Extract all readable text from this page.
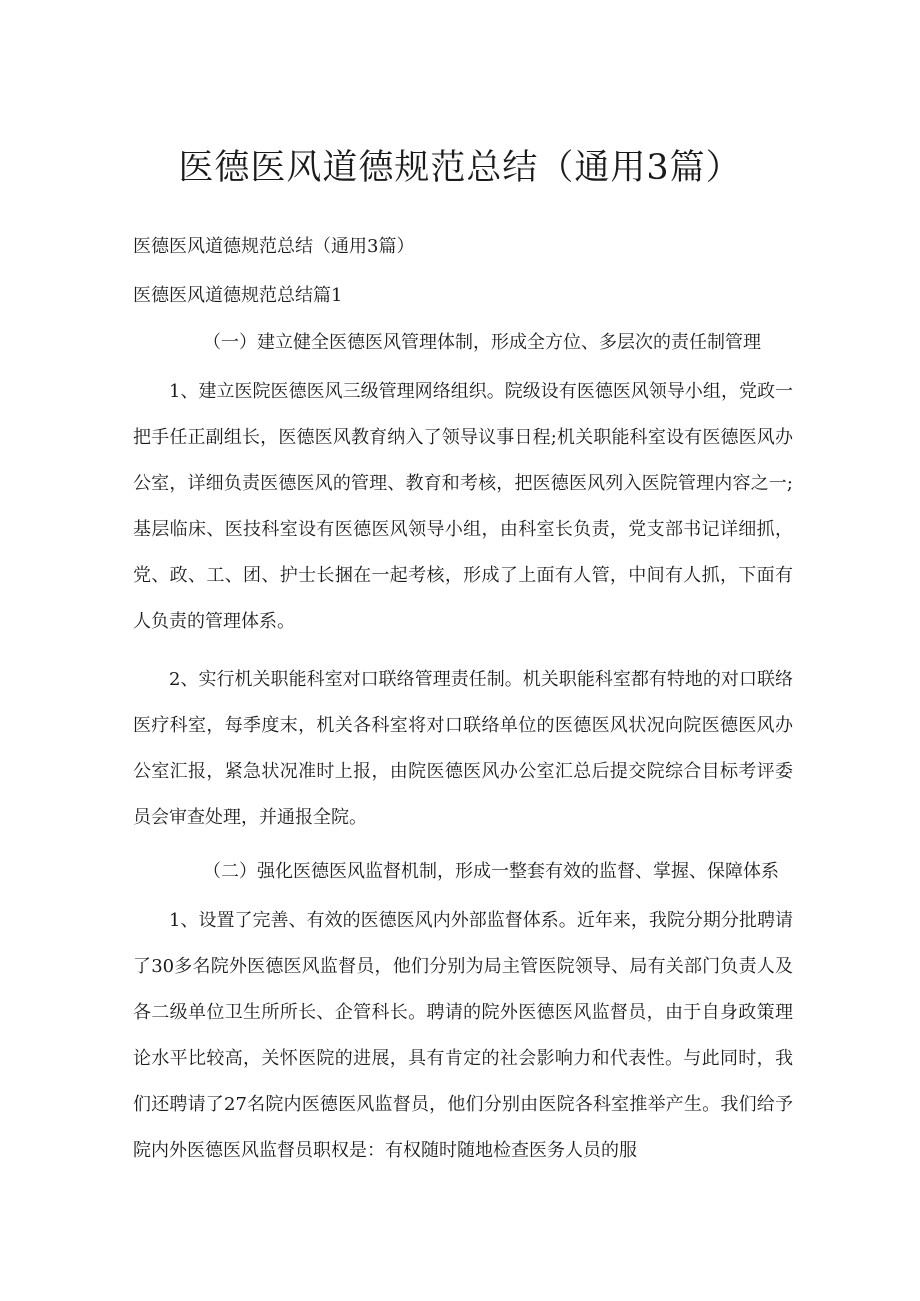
医德医风道德规范总结（通用3篇）
医德医风道德规范总结（通用3篇）
医德医风道德规范总结篇1
（一）建立健全医德医风管理体制，形成全方位、多层次的责任制管理
1、建立医院医德医风三级管理网络组织。院级设有医德医风领导小组，党政一把手任正副组长，医德医风教育纳入了领导议事日程;机关职能科室设有医德医风办公室，详细负责医德医风的管理、教育和考核，把医德医风列入医院管理内容之一;基层临床、医技科室设有医德医风领导小组，由科室长负责，党支部书记详细抓，党、政、工、团、护士长捆在一起考核，形成了上面有人管，中间有人抓，下面有人负责的管理体系。
2、实行机关职能科室对口联络管理责任制。机关职能科室都有特地的对口联络医疗科室，每季度末，机关各科室将对口联络单位的医德医风状况向院医德医风办公室汇报，紧急状况准时上报，由院医德医风办公室汇总后提交院综合目标考评委员会审查处理，并通报全院。
（二）强化医德医风监督机制，形成一整套有效的监督、掌握、保障体系
1、设置了完善、有效的医德医风内外部监督体系。近年来，我院分期分批聘请了30多名院外医德医风监督员，他们分别为局主管医院领导、局有关部门负责人及各二级单位卫生所所长、企管科长。聘请的院外医德医风监督员，由于自身政策理论水平比较高，关怀医院的进展，具有肯定的社会影响力和代表性。与此同时，我们还聘请了27名院内医德医风监督员，他们分别由医院各科室推举产生。我们给予院内外医德医风监督员职权是：有权随时随地检查医务人员的服
